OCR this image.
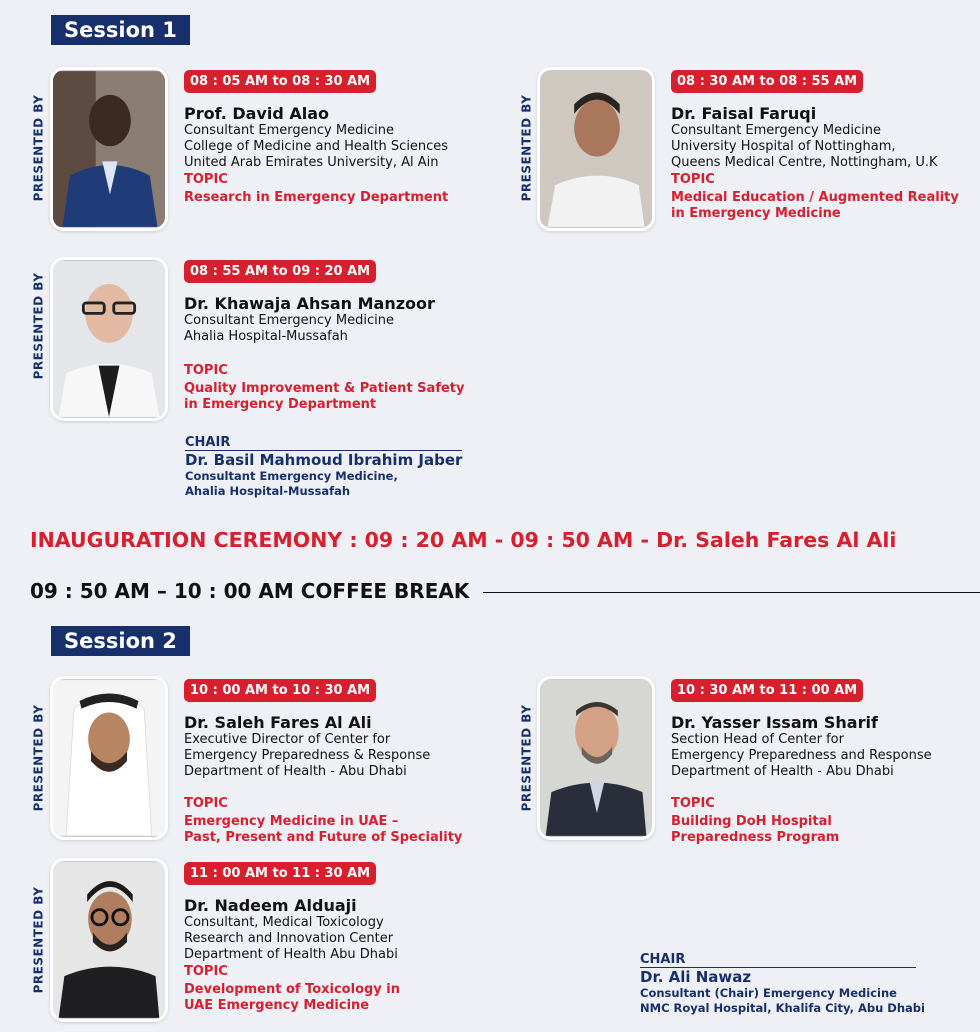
Session 1
PRESENTED BY
08 : 05 AM to 08 : 30 AM
Prof. David Alao
Consultant Emergency Medicine
College of Medicine and Health Sciences
United Arab Emirates University, Al Ain
TOPIC
Research in Emergency Department	PRESENTED BY
08 : 30 AM to 08 : 55 AM
Dr. Faisal Faruqi
Consultant Emergency Medicine
University Hospital of Nottingham,
Queens Medical Centre, Nottingham, U.K
TOPIC
Medical Education / Augmented Reality
in Emergency Medicine
PRESENTED BY
08 : 55 AM to 09 : 20 AM
Dr. Khawaja Ahsan Manzoor
Consultant Emergency Medicine
Ahalia Hospital-Mussafah
TOPIC
Quality Improvement & Patient Safety
in Emergency Department
CHAIR
Dr. Basil Mahmoud Ibrahim Jaber
Consultant Emergency Medicine,
Ahalia Hospital-Mussafah
INAUGURATION CEREMONY : 09 : 20 AM - 09 : 50 AM - Dr. Saleh Fares Al Ali
09 : 50 AM – 10 : 00 AM COFFEE BREAK
Session 2
PRESENTED BY
10 : 00 AM to 10 : 30 AM
Dr. Saleh Fares Al Ali
Executive Director of Center for
Emergency Preparedness & Response
Department of Health - Abu Dhabi
TOPIC
Emergency Medicine in UAE –
Past, Present and Future of Speciality
PRESENTED BY
10 : 30 AM to 11 : 00 AM
Dr. Yasser Issam Sharif
Section Head of Center for
Emergency Preparedness and Response
Department of Health - Abu Dhabi
TOPIC
Building DoH Hospital
Preparedness Program
PRESENTED BY
11 : 00 AM to 11 : 30 AM
Dr. Nadeem Alduaji
Consultant, Medical Toxicology
Research and Innovation Center
Department of Health Abu Dhabi
TOPIC
Development of Toxicology in
UAE Emergency Medicine
CHAIR
Dr. Ali Nawaz
Consultant (Chair) Emergency Medicine
NMC Royal Hospital, Khalifa City, Abu Dhabi
